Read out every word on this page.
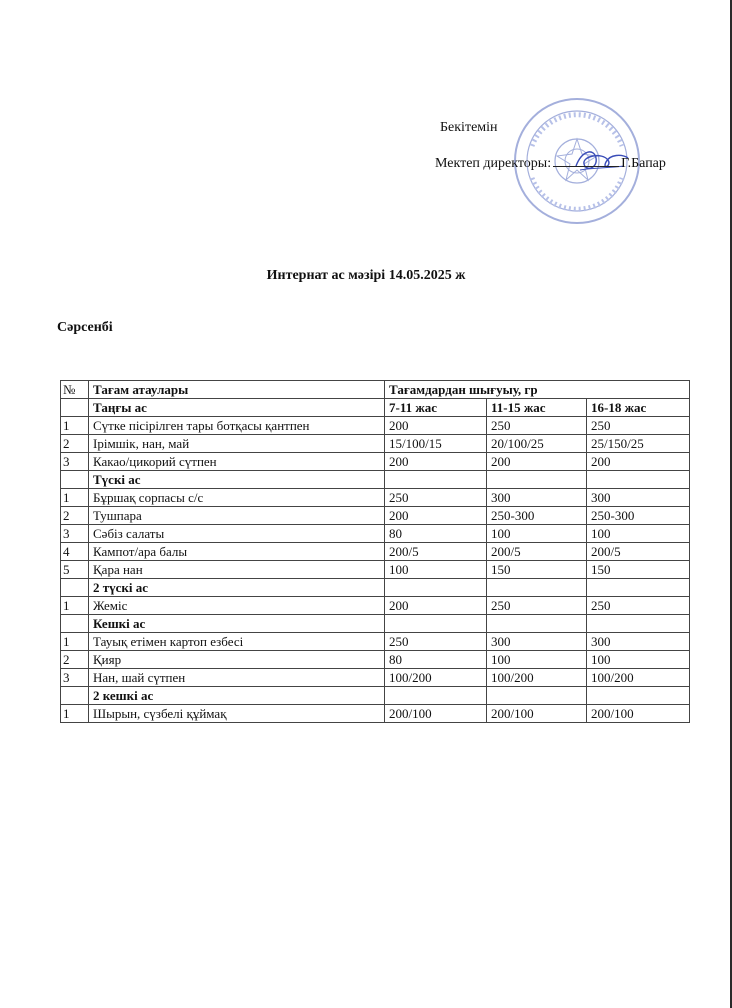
Бекітемін
Мектеп директоры:	Г.Бапар
Интернат ас мәзірі 14.05.2025 ж
Сәрсенбі
№	Тағам атаулары	Тағамдардан шығуыу, гр		
	Таңғы ас	7-11 жас	11-15 жас	16-18 жас
1	Сүтке пісірілген тары ботқасы қантпен	200	250	250
2	Ірімшік, нан, май	15/100/15	20/100/25	25/150/25
3	Какао/цикорий сүтпен	200	200	200
	Түскі ас			
1	Бұршақ сорпасы с/с	250	300	300
2	Тушпара	200	250-300	250-300
3	Сәбіз салаты	80	100	100
4	Кампот/ара балы	200/5	200/5	200/5
5	Қара нан	100	150	150
	2 түскі ас			
1	Жеміс	200	250	250
	Кешкі ас			
1	Тауық етімен картоп езбесі	250	300	300
2	Қияр	80	100	100
3	Нан, шай сүтпен	100/200	100/200	100/200
	2 кешкі ас			
1	Шырын, сүзбелі құймақ	200/100	200/100	200/100
